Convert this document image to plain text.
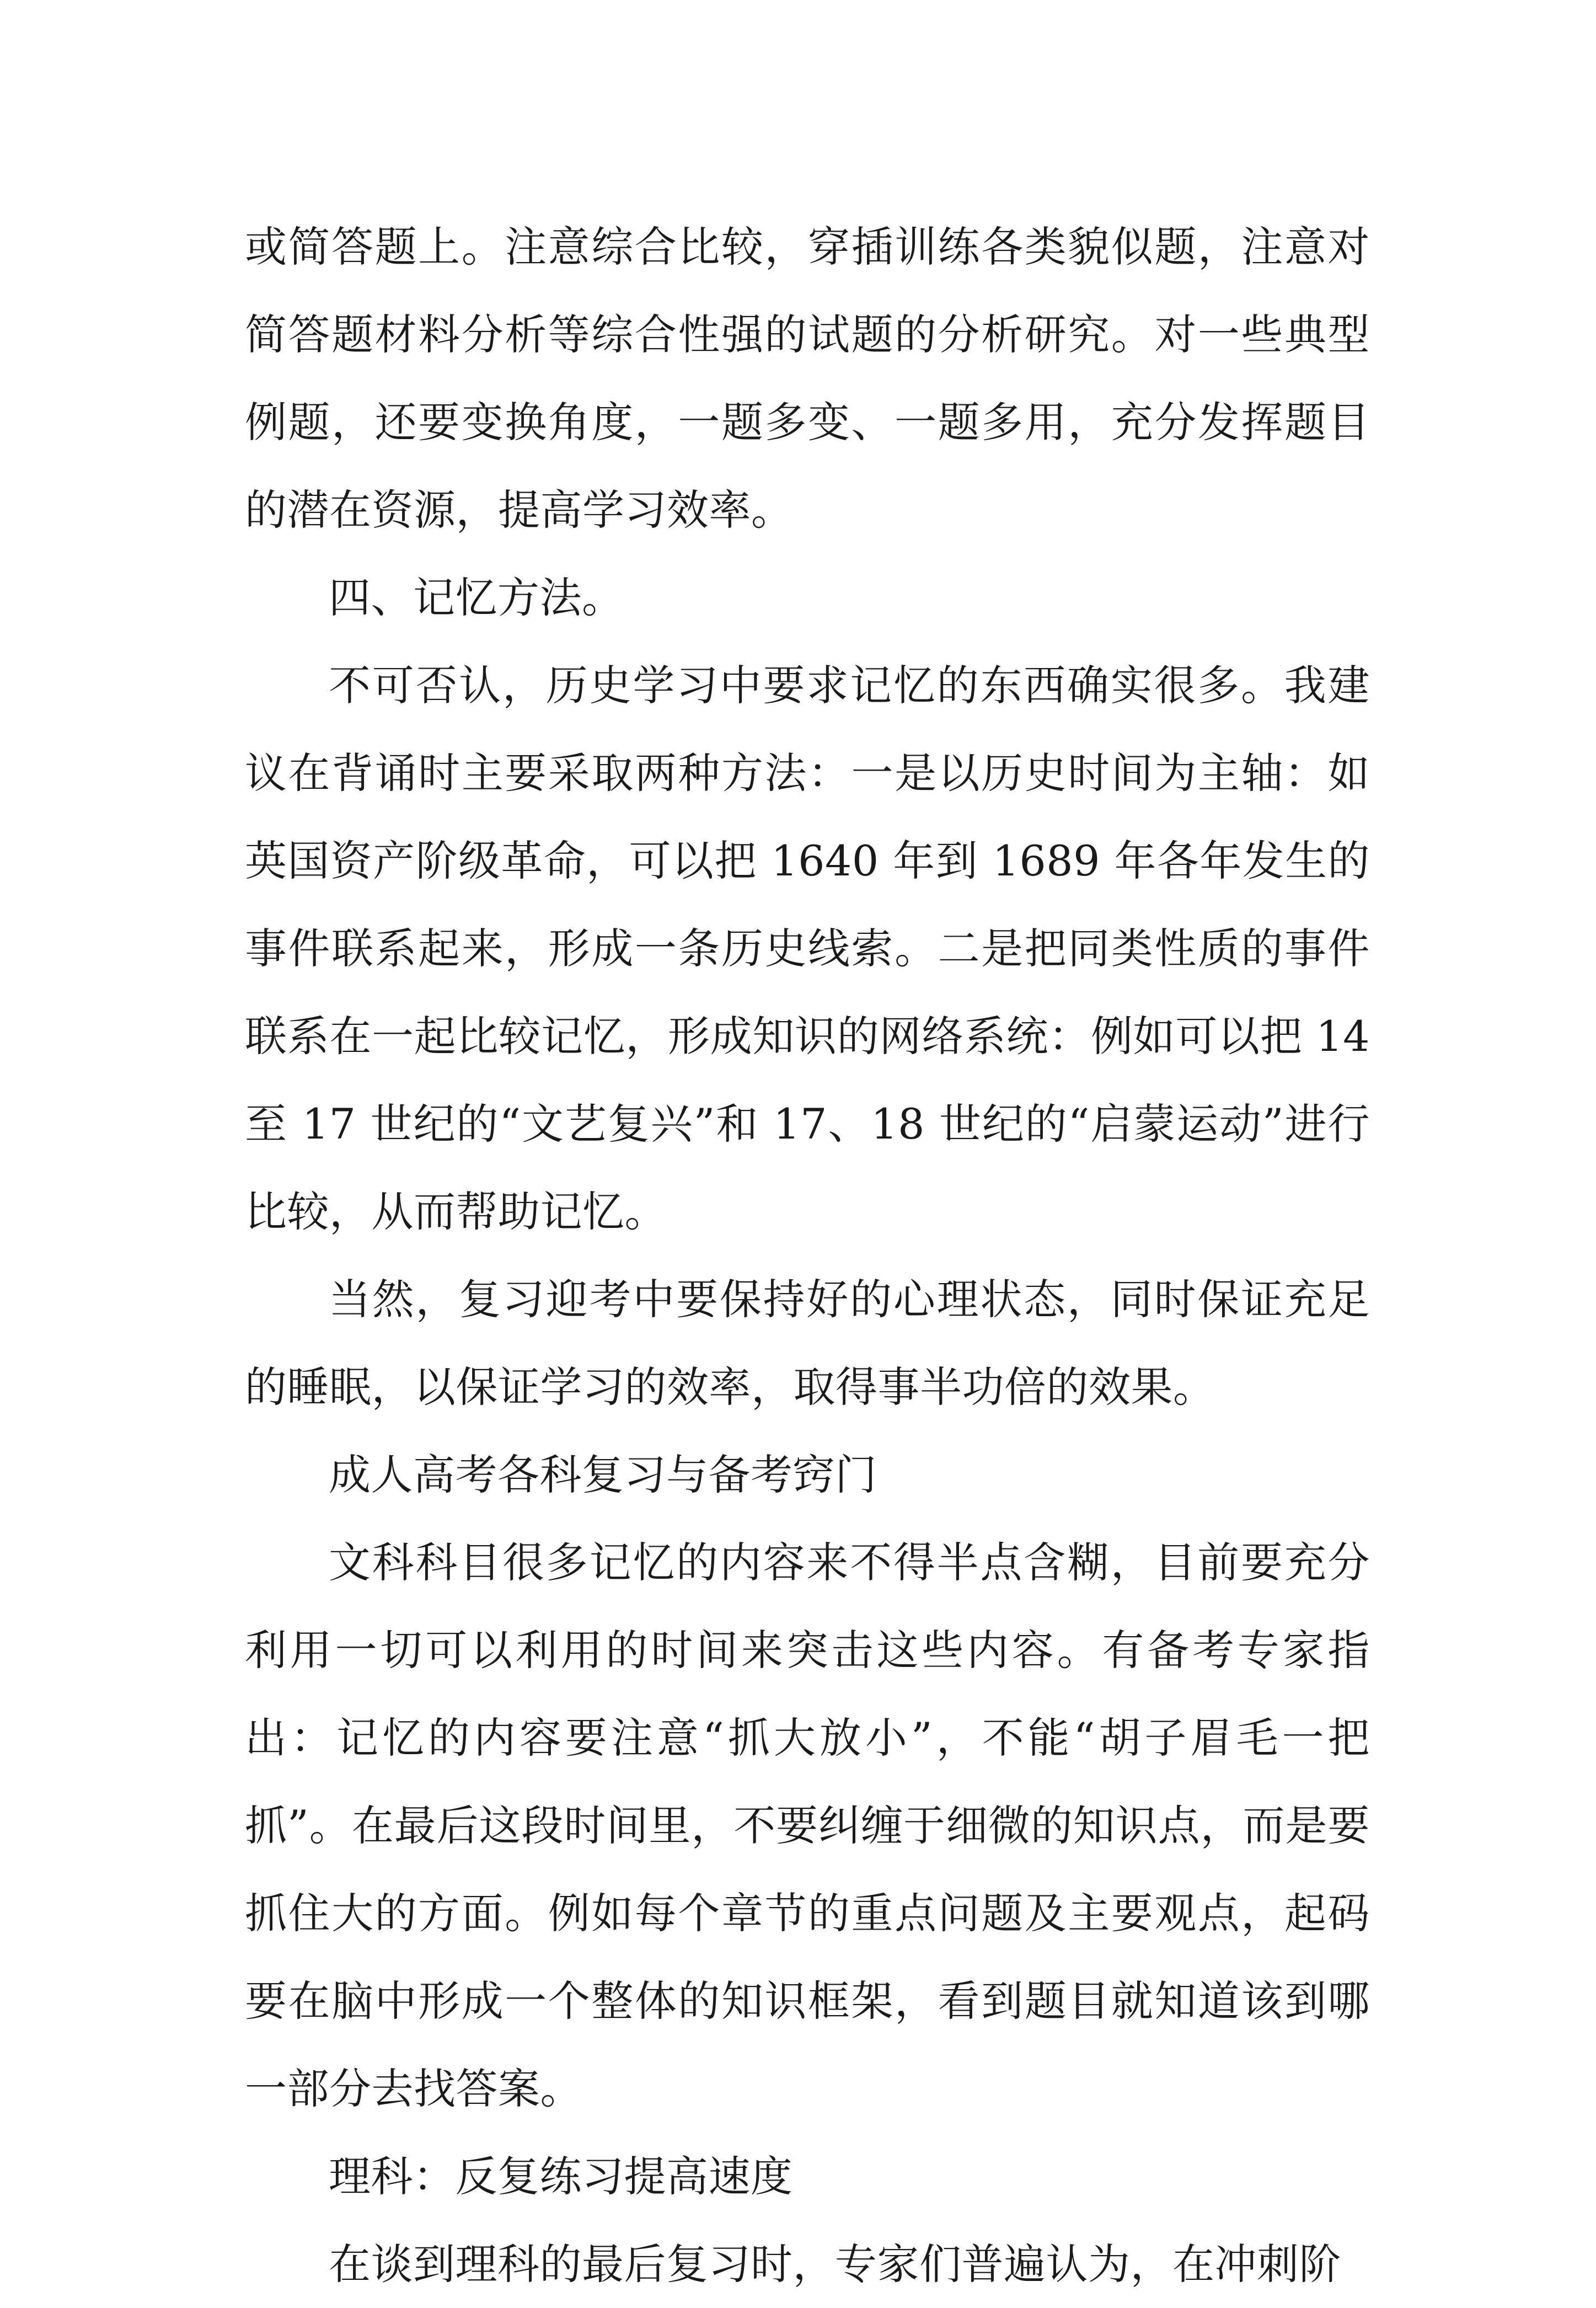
或简答题上。注意综合比较，穿插训练各类貌似题，注意对简答题材料分析等综合性强的试题的分析研究。对一些典型例题，还要变换角度，一题多变、一题多用，充分发挥题目的潜在资源，提高学习效率。

四、记忆方法。

不可否认，历史学习中要求记忆的东西确实很多。我建议在背诵时主要采取两种方法：一是以历史时间为主轴：如英国资产阶级革命，可以把 1640 年到 1689 年各年发生的事件联系起来，形成一条历史线索。二是把同类性质的事件联系在一起比较记忆，形成知识的网络系统：例如可以把 14 至 17 世纪的“文艺复兴”和 17、18 世纪的“启蒙运动”进行比较，从而帮助记忆。

当然，复习迎考中要保持好的心理状态，同时保证充足的睡眠，以保证学习的效率，取得事半功倍的效果。

成人高考各科复习与备考窍门

文科科目很多记忆的内容来不得半点含糊，目前要充分利用一切可以利用的时间来突击这些内容。有备考专家指出：记忆的内容要注意“抓大放小”，不能“胡子眉毛一把抓”。在最后这段时间里，不要纠缠于细微的知识点，而是要抓住大的方面。例如每个章节的重点问题及主要观点，起码要在脑中形成一个整体的知识框架，看到题目就知道该到哪一部分去找答案。

理科：反复练习提高速度

在谈到理科的最后复习时，专家们普遍认为，在冲刺阶
